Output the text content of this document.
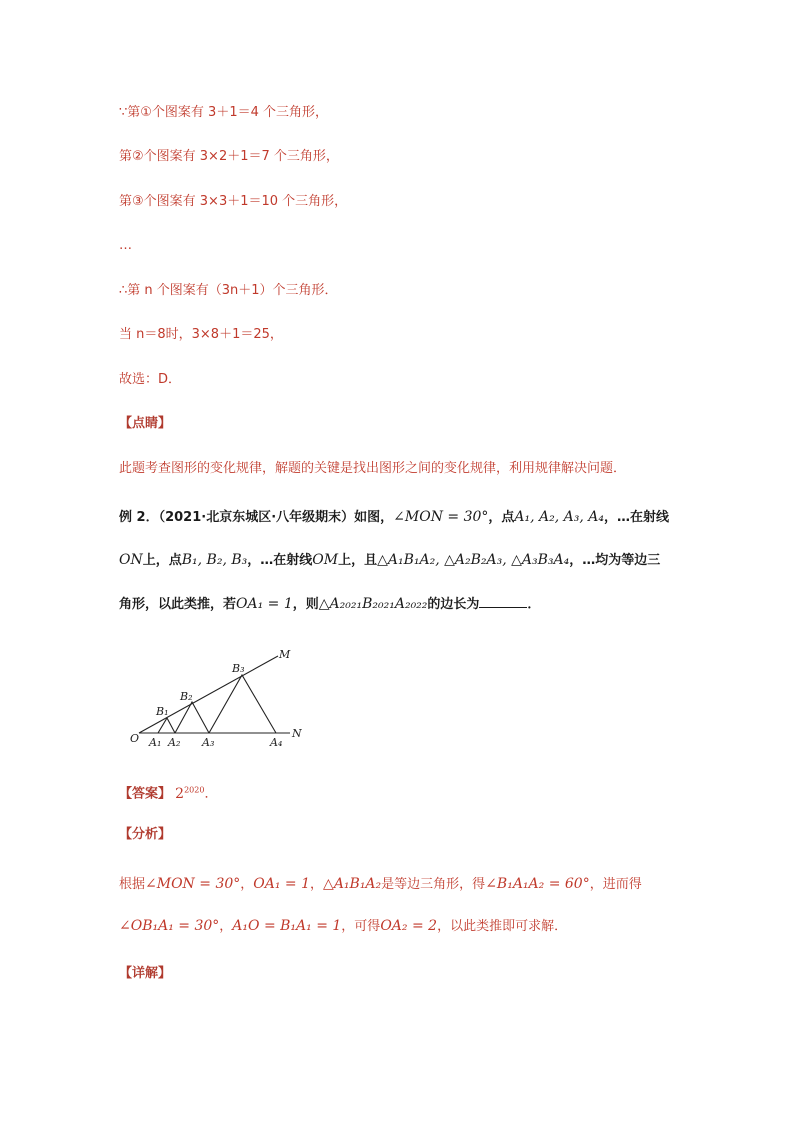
∵第①个图案有 3＋1＝4 个三角形，
第②个图案有 3×2＋1＝7 个三角形，
第③个图案有 3×3＋1＝10 个三角形，
…
∴第 n 个图案有（3n＋1）个三角形．
当 n＝8时，3×8＋1＝25，
故选：D．
【点睛】
此题考查图形的变化规律，解题的关键是找出图形之间的变化规律，利用规律解决问题．
例 2．（2021·北京东城区·八年级期末）如图，∠MON = 30°，点A₁, A₂, A₃, A₄，…在射线
ON上，点B₁, B₂, B₃，…在射线OM上，且△A₁B₁A₂, △A₂B₂A₃, △A₃B₃A₄，…均为等边三
角形，以此类推，若OA₁ = 1，则△A₂₀₂₁B₂₀₂₁A₂₀₂₂的边长为	．
O
M
N
A₁ A₂ A₃	A₄
B₁
B₂
B₃
【答案】 $2^{2020}$．
【分析】
根据∠MON = 30°，OA₁ = 1，△A₁B₁A₂是等边三角形，得∠B₁A₁A₂ = 60°，进而得
∠OB₁A₁ = 30°，A₁O = B₁A₁ = 1，可得OA₂ = 2，以此类推即可求解．
【详解】
